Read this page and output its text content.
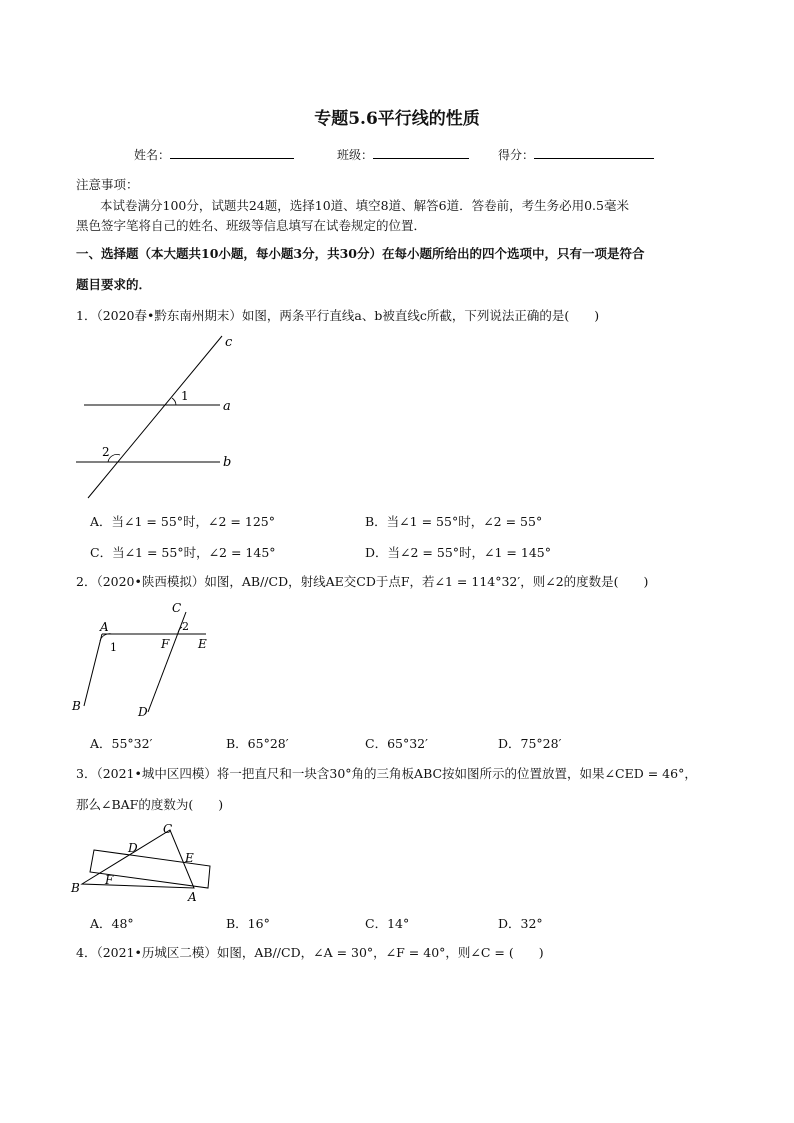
专题5.6平行线的性质
姓名：	班级：	得分：
注意事项：
本试卷满分100分，试题共24题，选择10道、填空8道、解答6道．答卷前，考生务必用0.5毫米
黑色签字笔将自己的姓名、班级等信息填写在试卷规定的位置．
一、选择题（本大题共10小题，每小题3分，共30分）在每小题所给出的四个选项中，只有一项是符合
题目要求的．
1．（2020春•黔东南州期末）如图，两条平行直线a、b被直线c所截，下列说法正确的是(　　)
c
a
b
1
2
A．当∠1 = 55°时，∠2 = 125°	B．当∠1 = 55°时，∠2 = 55°
C．当∠1 = 55°时，∠2 = 145°	D．当∠2 = 55°时，∠1 = 145°
2．（2020•陕西模拟）如图，AB//CD，射线AE交CD于点F，若∠1 = 114°32′，则∠2的度数是(　　)
A
B
C
D
E
F
1
2
A．55°32′	B．65°28′	C．65°32′	D．75°28′
3．（2021•城中区四模）将一把直尺和一块含30°角的三角板ABC按如图所示的位置放置，如果∠CED = 46°，
那么∠BAF的度数为(　　)
C
D
E
F
B
A
A．48°	B．16°	C．14°	D．32°
4．（2021•历城区二模）如图，AB//CD，∠A = 30°，∠F = 40°，则∠C = (　　)
